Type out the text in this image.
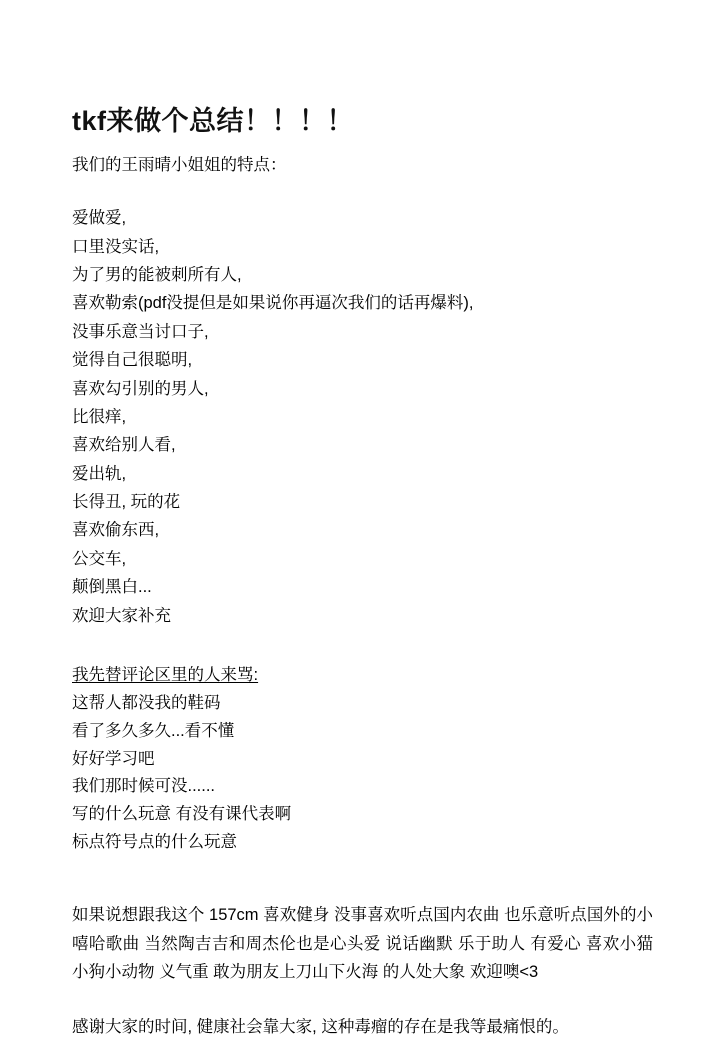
tkf来做个总结！！！！

我们的王雨晴小姐姐的特点：

爱做爱,
口里没实话,
为了男的能被刺所有人,
喜欢勒索(pdf没提但是如果说你再逼次我们的话再爆料),
没事乐意当讨口子,
觉得自己很聪明,
喜欢勾引别的男人,
比很痒,
喜欢给别人看,
爱出轨,
长得丑, 玩的花
喜欢偷东西,
公交车,
颠倒黑白...
欢迎大家补充
我先替评论区里的人来骂:
这帮人都没我的鞋码
看了多久多久...看不懂
好好学习吧
我们那时候可没......
写的什么玩意 有没有课代表啊
标点符号点的什么玩意

如果说想跟我这个 157cm 喜欢健身 没事喜欢听点国内农曲 也乐意听点国外的小嘻哈歌曲 当然陶吉吉和周杰伦也是心头爱 说话幽默 乐于助人 有爱心 喜欢小猫小狗小动物 义气重 敢为朋友上刀山下火海 的人处大象 欢迎噢<3

感谢大家的时间, 健康社会靠大家, 这种毒瘤的存在是我等最痛恨的。
